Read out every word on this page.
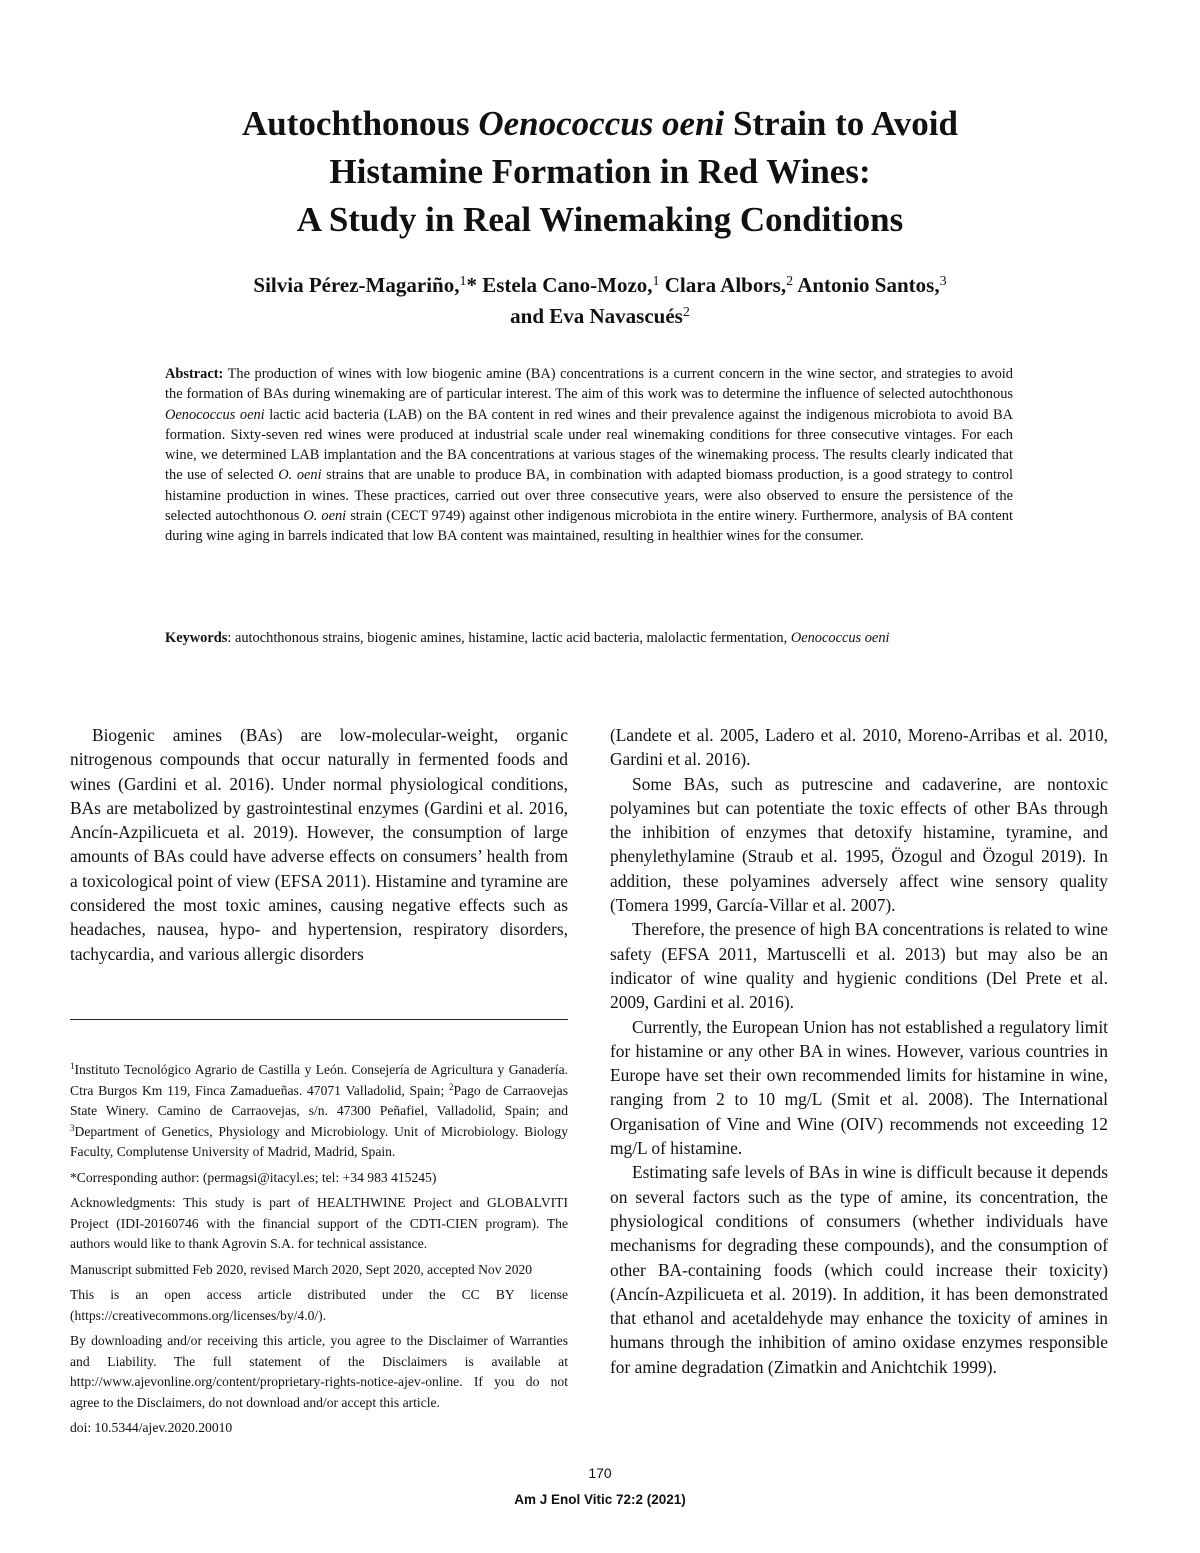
Autochthonous Oenococcus oeni Strain to Avoid
Histamine Formation in Red Wines:
A Study in Real Winemaking Conditions

Silvia Pérez-Magariño,$^1$* Estela Cano-Mozo,$^1$ Clara Albors,$^2$ Antonio Santos,$^3$
and Eva Navascués$^2$

Abstract: The production of wines with low biogenic amine (BA) concentrations is a current concern in the wine sector, and strategies to avoid the formation of BAs during winemaking are of particular interest. The aim of this work was to determine the influence of selected autochthonous Oenococcus oeni lactic acid bacteria (LAB) on the BA content in red wines and their prevalence against the indigenous microbiota to avoid BA formation. Sixty-seven red wines were produced at industrial scale under real winemaking conditions for three consecutive vintages. For each wine, we determined LAB implantation and the BA concentrations at various stages of the winemaking process. The results clearly indicated that the use of selected O. oeni strains that are unable to produce BA, in combination with adapted biomass production, is a good strategy to control histamine production in wines. These practices, carried out over three consecutive years, were also observed to ensure the persistence of the selected autochthonous O. oeni strain (CECT 9749) against other indigenous microbiota in the entire winery. Furthermore, analysis of BA content during wine aging in barrels indicated that low BA content was maintained, resulting in healthier wines for the consumer.

Keywords: autochthonous strains, biogenic amines, histamine, lactic acid bacteria, malolactic fermentation, Oenococcus oeni

Biogenic amines (BAs) are low-molecular-weight, organic nitrogenous compounds that occur naturally in fermented foods and wines (Gardini et al. 2016). Under normal physiological conditions, BAs are metabolized by gastrointestinal enzymes (Gardini et al. 2016, Ancín-Azpilicueta et al. 2019). However, the consumption of large amounts of BAs could have adverse effects on consumers’ health from a toxicological point of view (EFSA 2011). Histamine and tyramine are considered the most toxic amines, causing negative effects such as headaches, nausea, hypo- and hypertension, respiratory disorders, tachycardia, and various allergic disorders

$^1$Instituto Tecnológico Agrario de Castilla y León. Consejería de Agricultura y Ganadería. Ctra Burgos Km 119, Finca Zamadueñas. 47071 Valladolid, Spain; $^2$Pago de Carraovejas State Winery. Camino de Carraovejas, s/n. 47300 Peñafiel, Valladolid, Spain; and $^3$Department of Genetics, Physiology and Microbiology. Unit of Microbiology. Biology Faculty, Complutense University of Madrid, Madrid, Spain.

*Corresponding author: (permagsi@itacyl.es; tel: +34 983 415245)

Acknowledgments: This study is part of HEALTHWINE Project and GLOBALVITI Project (IDI-20160746 with the financial support of the CDTI-CIEN program). The authors would like to thank Agrovin S.A. for technical assistance.

Manuscript submitted Feb 2020, revised March 2020, Sept 2020, accepted Nov 2020

This is an open access article distributed under the CC BY license (https://creativecommons.org/licenses/by/4.0/).

By downloading and/or receiving this article, you agree to the Disclaimer of Warranties and Liability. The full statement of the Disclaimers is available at http://www.ajevonline.org/content/proprietary-rights-notice-ajev-online. If you do not agree to the Disclaimers, do not download and/or accept this article.

doi: 10.5344/ajev.2020.20010

(Landete et al. 2005, Ladero et al. 2010, Moreno-Arribas et al. 2010, Gardini et al. 2016).

Some BAs, such as putrescine and cadaverine, are nontoxic polyamines but can potentiate the toxic effects of other BAs through the inhibition of enzymes that detoxify histamine, tyramine, and phenylethylamine (Straub et al. 1995, Özogul and Özogul 2019). In addition, these polyamines adversely affect wine sensory quality (Tomera 1999, García-Villar et al. 2007).

Therefore, the presence of high BA concentrations is related to wine safety (EFSA 2011, Martuscelli et al. 2013) but may also be an indicator of wine quality and hygienic conditions (Del Prete et al. 2009, Gardini et al. 2016).

Currently, the European Union has not established a regulatory limit for histamine or any other BA in wines. However, various countries in Europe have set their own recommended limits for histamine in wine, ranging from 2 to 10 mg/L (Smit et al. 2008). The International Organisation of Vine and Wine (OIV) recommends not exceeding 12 mg/L of histamine.

Estimating safe levels of BAs in wine is difficult because it depends on several factors such as the type of amine, its concentration, the physiological conditions of consumers (whether individuals have mechanisms for degrading these compounds), and the consumption of other BA-containing foods (which could increase their toxicity) (Ancín-Azpilicueta et al. 2019). In addition, it has been demonstrated that ethanol and acetaldehyde may enhance the toxicity of amines in humans through the inhibition of amino oxidase enzymes responsible for amine degradation (Zimatkin and Anichtchik 1999).

170
Am J Enol Vitic 72:2 (2021)
